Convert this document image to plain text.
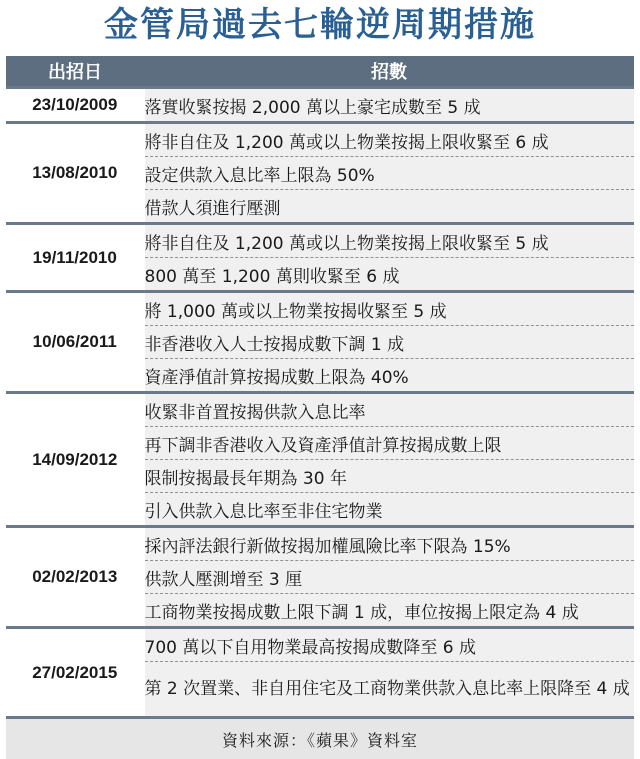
金管局過去七輪逆周期措施
出招日	招數
23/10/2009	落實收緊按揭 2,000 萬以上豪宅成數至 5 成
13/08/2010	將非自住及 1,200 萬或以上物業按揭上限收緊至 6 成
	設定供款入息比率上限為 50%
	借款人須進行壓測
19/11/2010	將非自住及 1,200 萬或以上物業按揭上限收緊至 5 成
	800 萬至 1,200 萬則收緊至 6 成
10/06/2011	將 1,000 萬或以上物業按揭收緊至 5 成
	非香港收入人士按揭成數下調 1 成
	資產淨值計算按揭成數上限為 40%
14/09/2012	收緊非首置按揭供款入息比率
	再下調非香港收入及資產淨值計算按揭成數上限
	限制按揭最長年期為 30 年
	引入供款入息比率至非住宅物業
02/02/2013	採內評法銀行新做按揭加權風險比率下限為 15%
	供款人壓測增至 3 厘
	工商物業按揭成數上限下調 1 成，車位按揭上限定為 4 成
27/02/2015	700 萬以下自用物業最高按揭成數降至 6 成
	第 2 次置業、非自用住宅及工商物業供款入息比率上限降至 4 成
資料來源：《蘋果》資料室	
